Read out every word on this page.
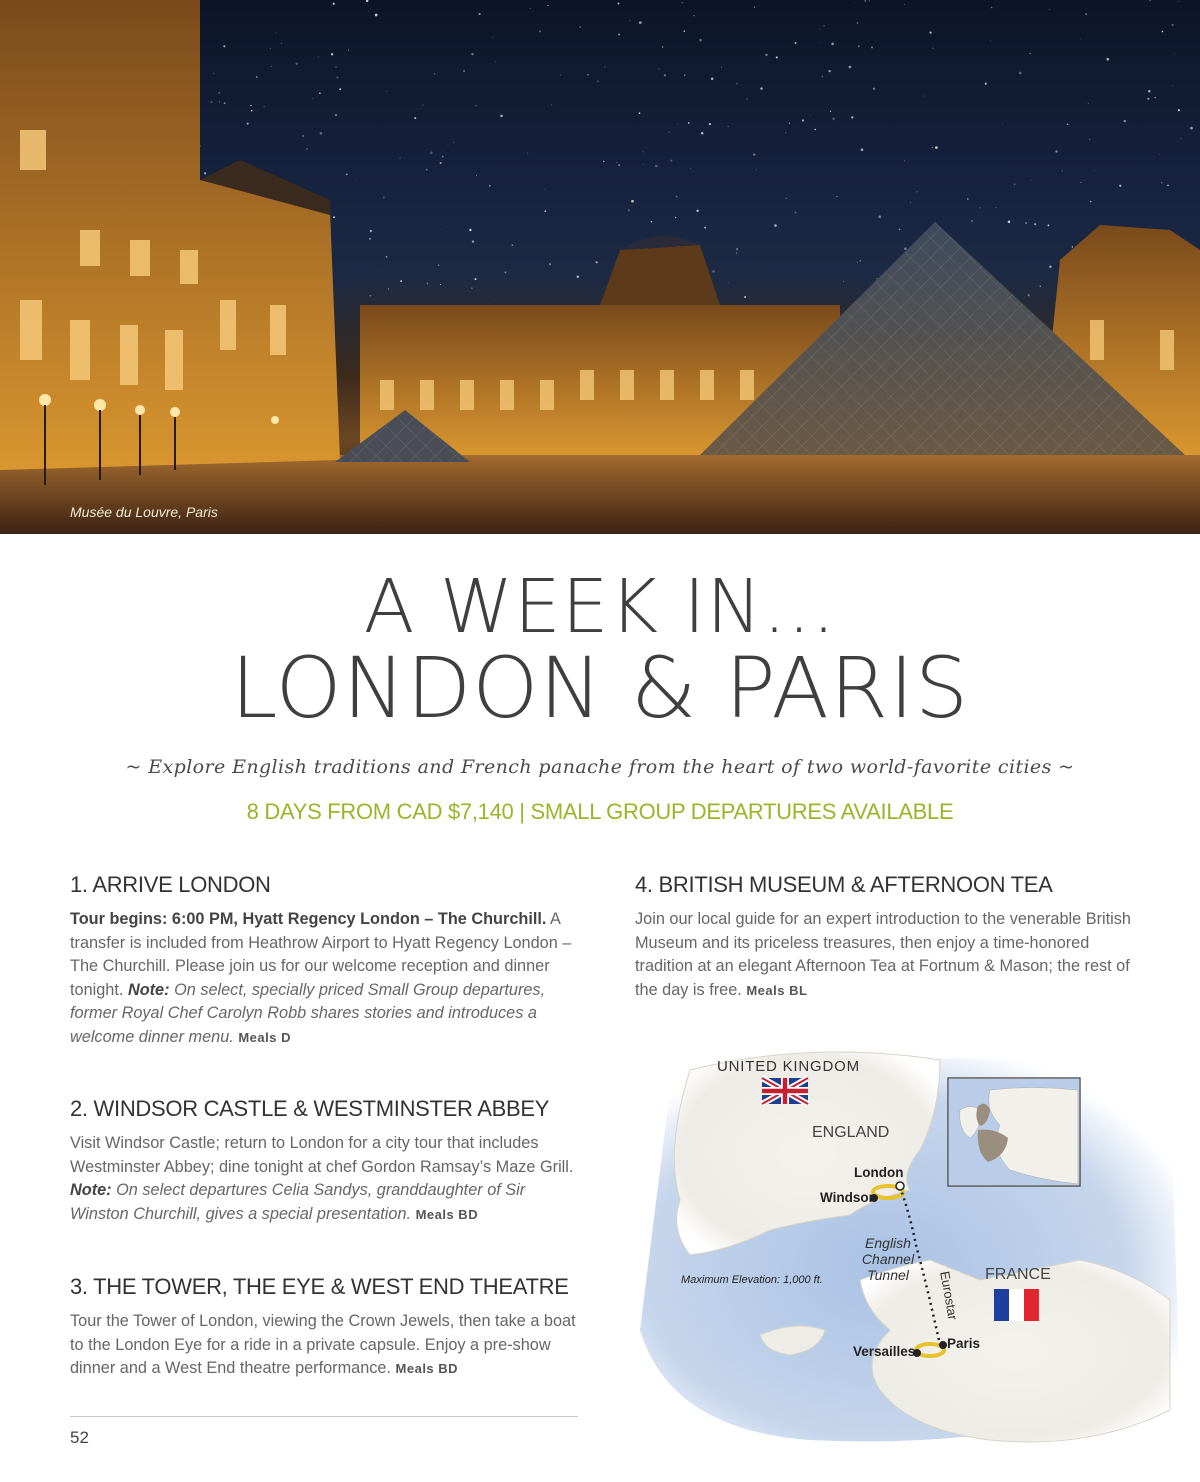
Musée du Louvre, Paris
A WEEK IN...
LONDON & PARIS
~ Explore English traditions and French panache from the heart of two world-favorite cities ~
8 DAYS FROM CAD $7,140 | SMALL GROUP DEPARTURES AVAILABLE
1. ARRIVE LONDON

Tour begins: 6:00 PM, Hyatt Regency London – The Churchill. A transfer is included from Heathrow Airport to Hyatt Regency London – The Churchill. Please join us for our welcome reception and dinner tonight. Note: On select, specially priced Small Group departures, former Royal Chef Carolyn Robb shares stories and introduces a welcome dinner menu. Meals D

2. WINDSOR CASTLE & WESTMINSTER ABBEY

Visit Windsor Castle; return to London for a city tour that includes Westminster Abbey; dine tonight at chef Gordon Ramsay’s Maze Grill. Note: On select departures Celia Sandys, granddaughter of Sir Winston Churchill, gives a special presentation. Meals BD

3. THE TOWER, THE EYE & WEST END THEATRE

Tour the Tower of London, viewing the Crown Jewels, then take a boat to the London Eye for a ride in a private capsule. Enjoy a pre-show dinner and a West End theatre performance. Meals BD

4. BRITISH MUSEUM & AFTERNOON TEA

Join our local guide for an expert introduction to the venerable British Museum and its priceless treasures, then enjoy a time-honored tradition at an elegant Afternoon Tea at Fortnum & Mason; the rest of the day is free. Meals BL

UNITED KINGDOM
ENGLAND
London
Windsor
English
Channel
Tunnel
Maximum Elevation: 1,000 ft.	Eurostar FRANCE
Paris
Versailles
52
